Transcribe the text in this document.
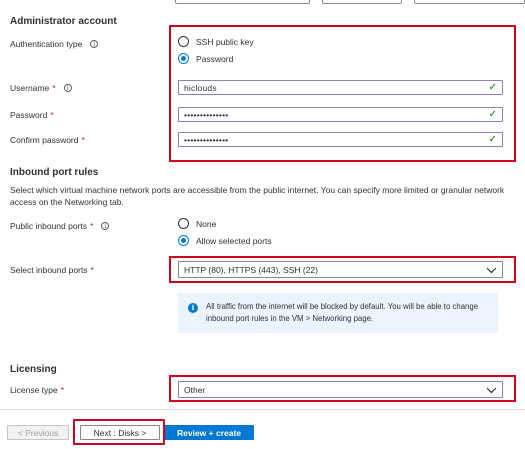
Administrator account
Authentication type	i	SSH public key
Password
Username *	i	hiclouds	✓
Password *	••••••••••••••	✓
Confirm password *	••••••••••••••	✓
Inbound port rules
Select which virtual machine network ports are accessible from the public internet. You can specify more limited or granular network access on the Networking tab.
Public inbound ports *	i	None
Allow selected ports
Select inbound ports *	HTTP (80), HTTPS (443), SSH (22)
i	All traffic from the internet will be blocked by default. You will be able to change inbound port rules in the VM > Networking page.
Licensing
License type *	Other
< Previous	Next : Disks >	Review + create
